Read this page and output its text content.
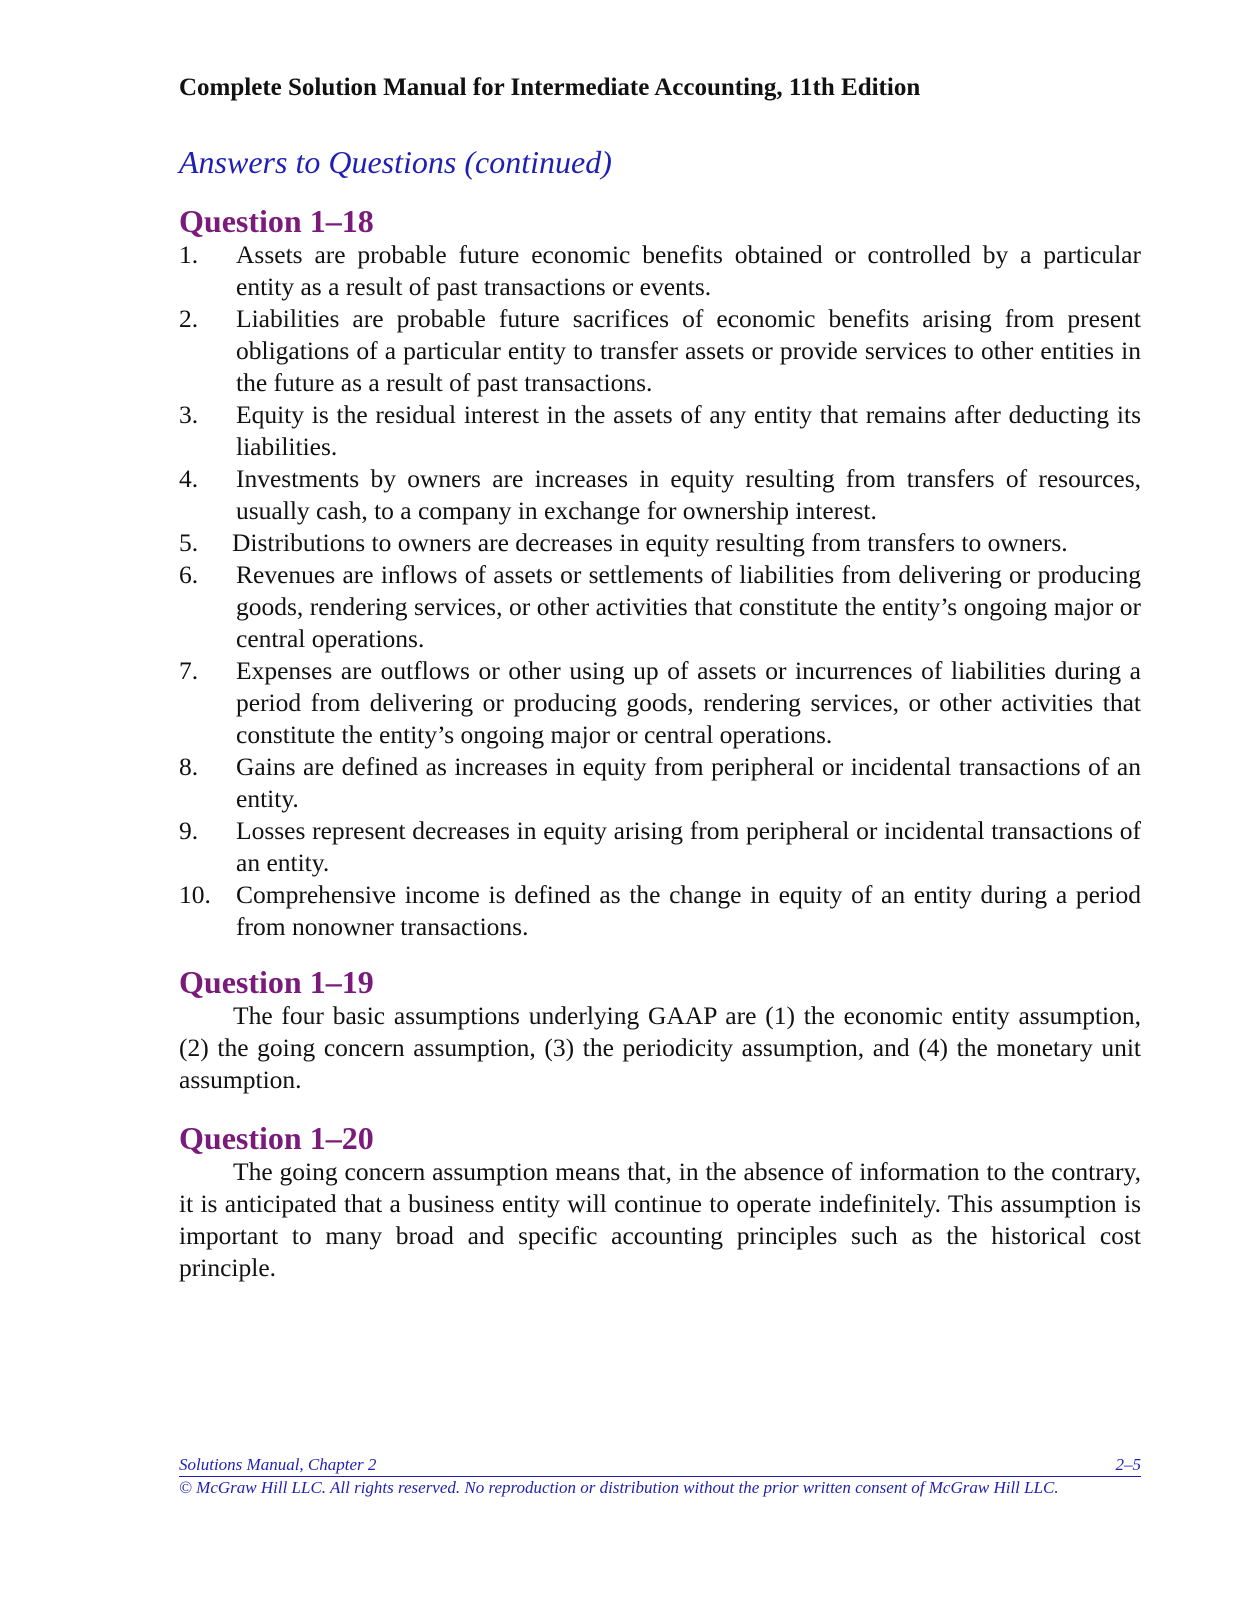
Complete Solution Manual for Intermediate Accounting, 11th Edition
Answers to Questions (continued)
Question 1–18
1. Assets are probable future economic benefits obtained or controlled by a particular entity as a result of past transactions or events.
2. Liabilities are probable future sacrifices of economic benefits arising from present obligations of a particular entity to transfer assets or provide services to other entities in the future as a result of past transactions.
3. Equity is the residual interest in the assets of any entity that remains after deducting its liabilities.
4. Investments by owners are increases in equity resulting from transfers of resources, usually cash, to a company in exchange for ownership interest.
5. Distributions to owners are decreases in equity resulting from transfers to owners.
6. Revenues are inflows of assets or settlements of liabilities from delivering or producing goods, rendering services, or other activities that constitute the entity’s ongoing major or central operations.
7. Expenses are outflows or other using up of assets or incurrences of liabilities during a period from delivering or producing goods, rendering services, or other activities that constitute the entity’s ongoing major or central operations.
8. Gains are defined as increases in equity from peripheral or incidental transactions of an entity.
9. Losses represent decreases in equity arising from peripheral or incidental transactions of an entity.
10. Comprehensive income is defined as the change in equity of an entity during a period from nonowner transactions.
Question 1–19

The four basic assumptions underlying GAAP are (1) the economic entity assumption, (2) the going concern assumption, (3) the periodicity assumption, and (4) the monetary unit assumption.

Question 1–20

The going concern assumption means that, in the absence of information to the contrary, it is anticipated that a business entity will continue to operate indefinitely. This assumption is important to many broad and specific accounting principles such as the historical cost principle.

Solutions Manual, Chapter 2	2–5
© McGraw Hill LLC. All rights reserved. No reproduction or distribution without the prior written consent of McGraw Hill LLC.
